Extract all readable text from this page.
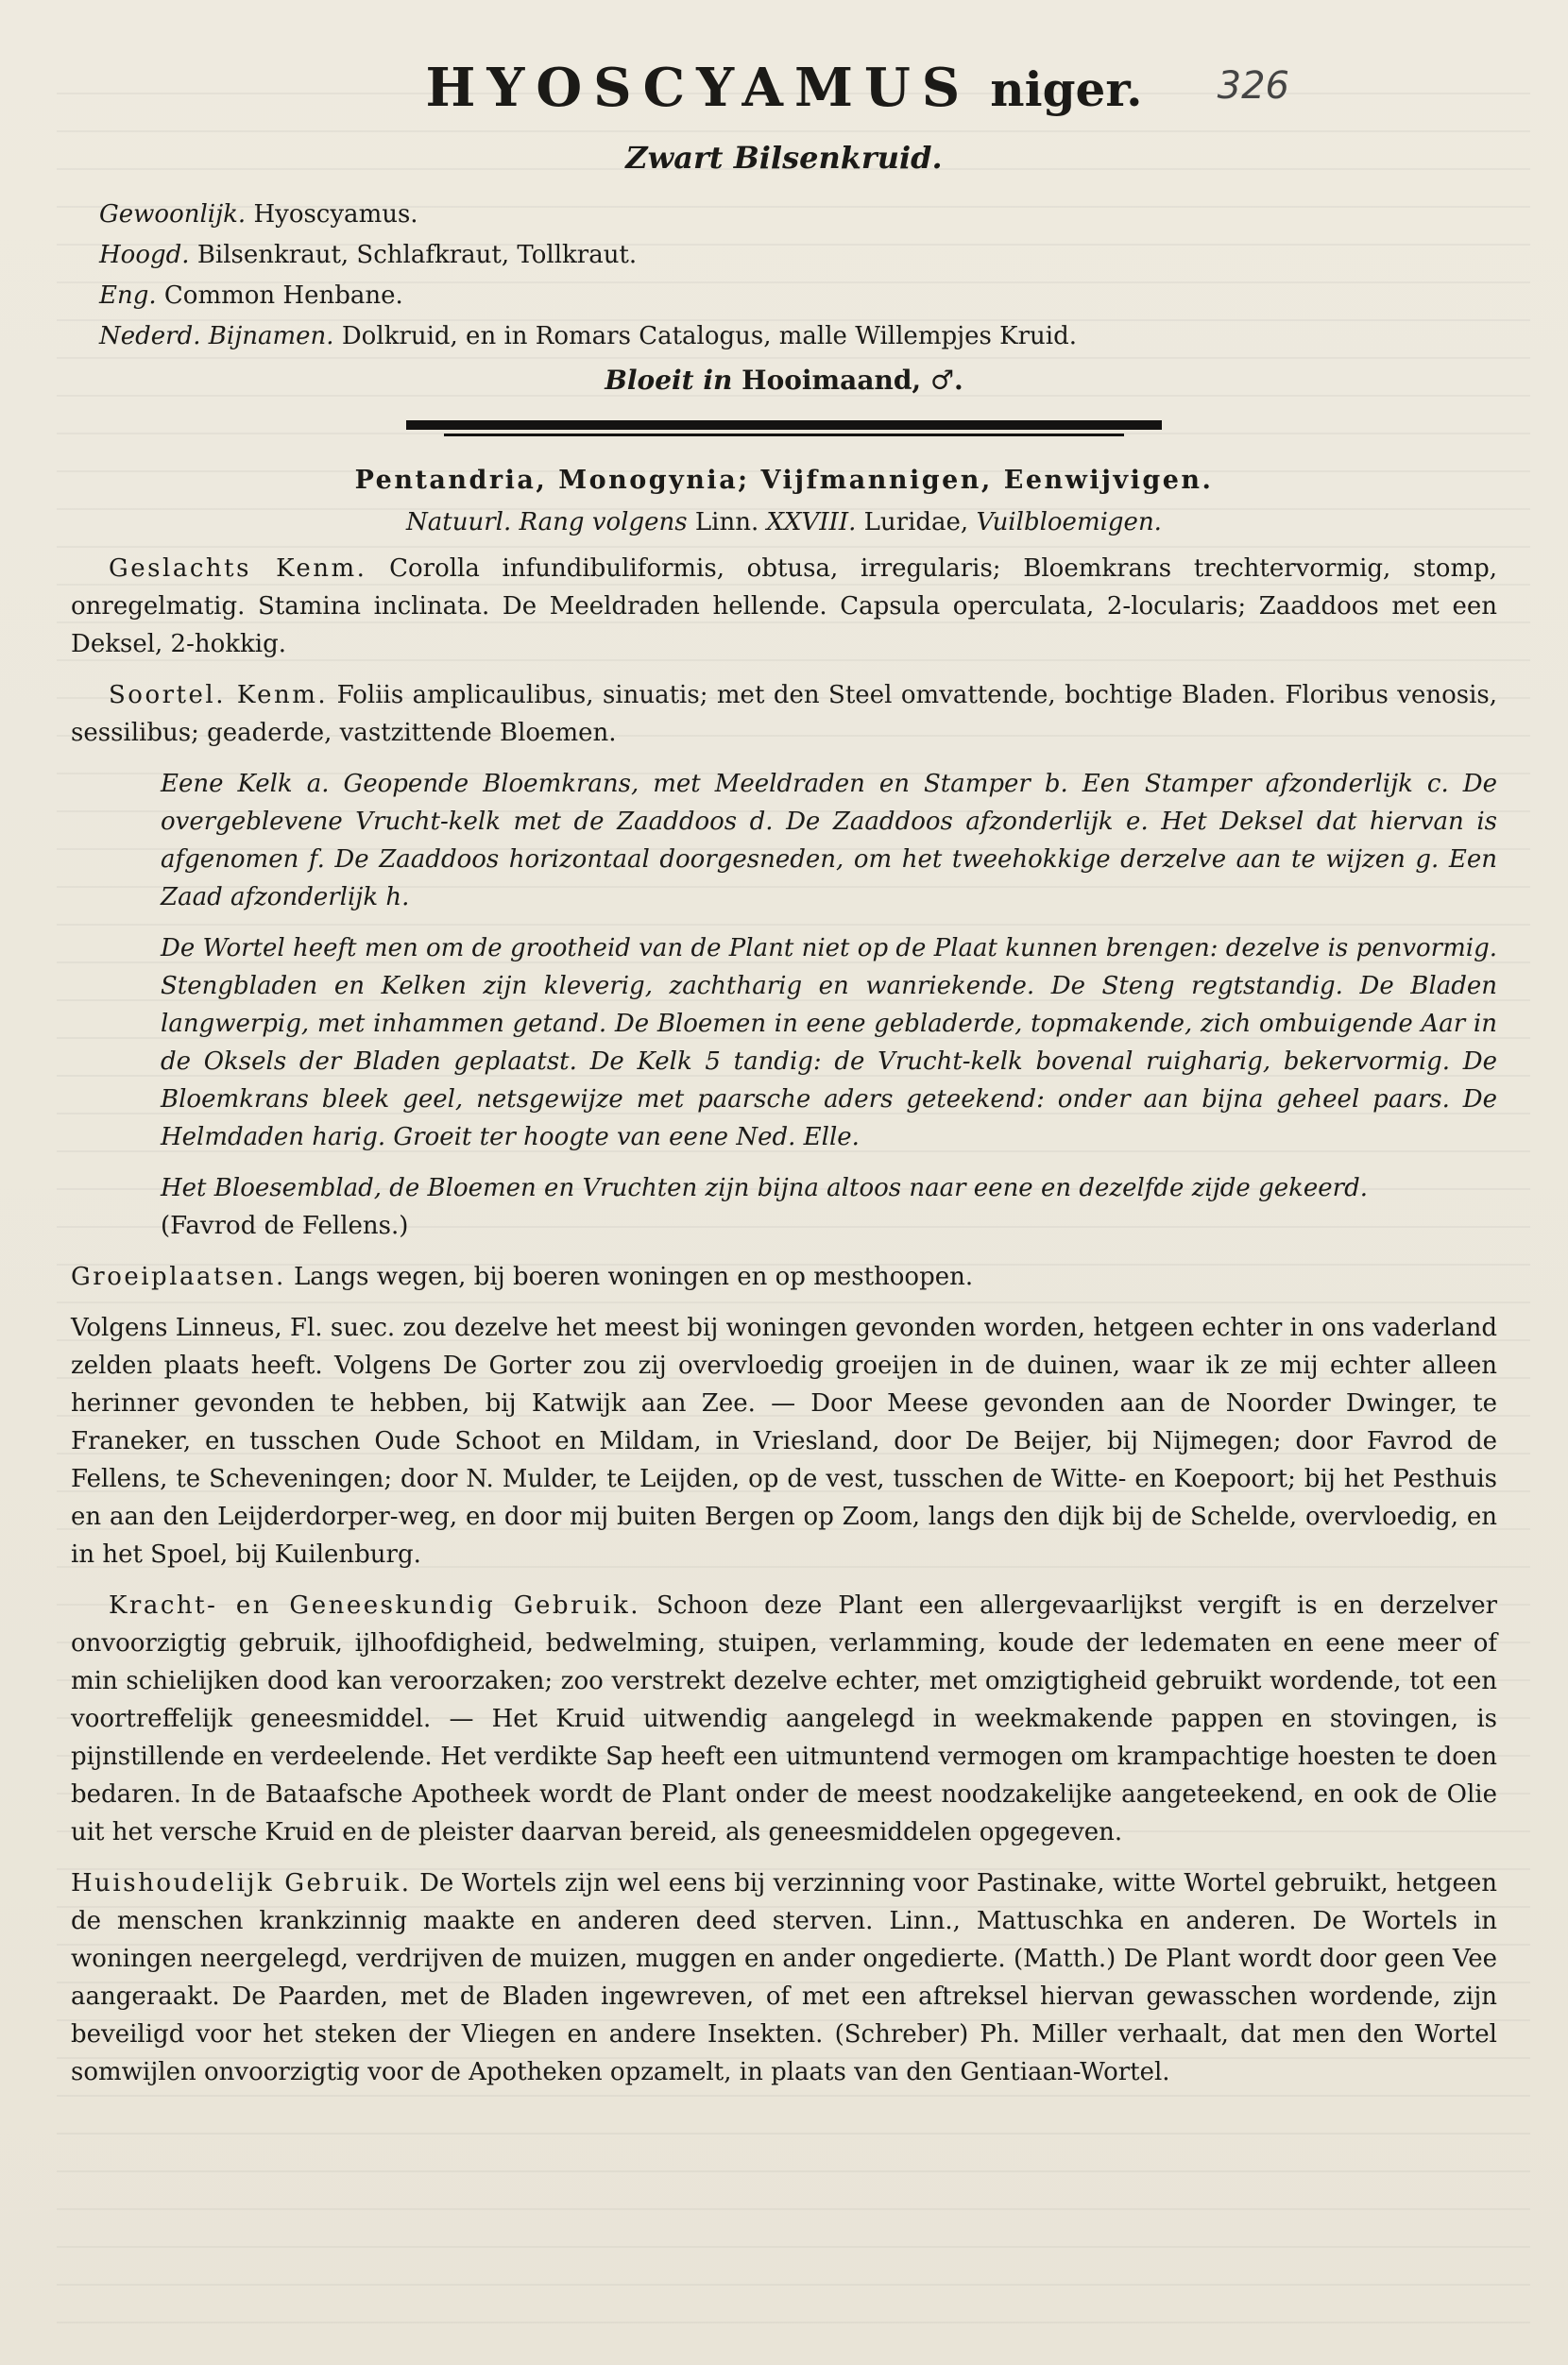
HYOSCYAMUS niger. 326
Zwart Bilsenkruid.
Gewoonlijk. Hyoscyamus.
Hoogd. Bilsenkraut, Schlafkraut, Tollkraut.
Eng. Common Henbane.
Nederd. Bijnamen. Dolkruid, en in Romars Catalogus, malle Willempjes Kruid.
Bloeit in Hooimaand, ♂.
Pentandria, Monogynia; Vijfmannigen, Eenwijvigen.
Natuurl. Rang volgens Linn. XXVIII. Luridae, Vuilbloemigen.
Geslachts Kenm. Corolla infundibuliformis, obtusa, irregularis; Bloemkrans trechtervormig, stomp, onregelmatig. Stamina inclinata. De Meeldraden hellende. Capsula operculata, 2-locularis; Zaaddoos met een Deksel, 2-hokkig.
Soortel. Kenm. Foliis amplicaulibus, sinuatis; met den Steel omvattende, bochtige Bladen. Floribus venosis, sessilibus; geaderde, vastzittende Bloemen.
Eene Kelk a. Geopende Bloemkrans, met Meeldraden en Stamper b. Een Stamper afzonderlijk c. De overgeblevene Vrucht-kelk met de Zaaddoos d. De Zaaddoos afzonderlijk e. Het Deksel dat hiervan is afgenomen f. De Zaaddoos horizontaal doorgesneden, om het tweehokkige derzelve aan te wijzen g. Een Zaad afzonderlijk h.
De Wortel heeft men om de grootheid van de Plant niet op de Plaat kunnen brengen: dezelve is penvormig. Stengbladen en Kelken zijn kleverig, zachtharig en wanriekende. De Steng regtstandig. De Bladen langwerpig, met inhammen getand. De Bloemen in eene gebladerde, topmakende, zich ombuigende Aar in de Oksels der Bladen geplaatst. De Kelk 5 tandig: de Vrucht-kelk bovenal ruigharig, bekervormig. De Bloemkrans bleek geel, netsgewijze met paarsche aders geteekend: onder aan bijna geheel paars. De Helmdaden harig. Groeit ter hoogte van eene Ned. Elle.
Het Bloesemblad, de Bloemen en Vruchten zijn bijna altoos naar eene en dezelfde zijde gekeerd.
(Favrod de Fellens.)
Groeiplaatsen. Langs wegen, bij boeren woningen en op mesthoopen.
Volgens Linneus, Fl. suec. zou dezelve het meest bij woningen gevonden worden, hetgeen echter in ons vaderland zelden plaats heeft. Volgens De Gorter zou zij overvloedig groeijen in de duinen, waar ik ze mij echter alleen herinner gevonden te hebben, bij Katwijk aan Zee. — Door Meese gevonden aan de Noorder Dwinger, te Franeker, en tusschen Oude Schoot en Mildam, in Vriesland, door De Beijer, bij Nijmegen; door Favrod de Fellens, te Scheveningen; door N. Mulder, te Leijden, op de vest, tusschen de Witte- en Koepoort; bij het Pesthuis en aan den Leijderdorper-weg, en door mij buiten Bergen op Zoom, langs den dijk bij de Schelde, overvloedig, en in het Spoel, bij Kuilenburg.
Kracht- en Geneeskundig Gebruik. Schoon deze Plant een allergevaarlijkst vergift is en derzelver onvoorzigtig gebruik, ijlhoofdigheid, bedwelming, stuipen, verlamming, koude der ledematen en eene meer of min schielijken dood kan veroorzaken; zoo verstrekt dezelve echter, met omzigtigheid gebruikt wordende, tot een voortreffelijk geneesmiddel. — Het Kruid uitwendig aangelegd in weekmakende pappen en stovingen, is pijnstillende en verdeelende. Het verdikte Sap heeft een uitmuntend vermogen om krampachtige hoesten te doen bedaren. In de Bataafsche Apotheek wordt de Plant onder de meest noodzakelijke aangeteekend, en ook de Olie uit het versche Kruid en de pleister daarvan bereid, als geneesmiddelen opgegeven.
Huishoudelijk Gebruik. De Wortels zijn wel eens bij verzinning voor Pastinake, witte Wortel gebruikt, hetgeen de menschen krankzinnig maakte en anderen deed sterven. Linn., Mattuschka en anderen. De Wortels in woningen neergelegd, verdrijven de muizen, muggen en ander ongedierte. (Matth.) De Plant wordt door geen Vee aangeraakt. De Paarden, met de Bladen ingewreven, of met een aftreksel hiervan gewasschen wordende, zijn beveiligd voor het steken der Vliegen en andere Insekten. (Schreber) Ph. Miller verhaalt, dat men den Wortel somwijlen onvoorzigtig voor de Apotheken opzamelt, in plaats van den Gentiaan-Wortel.
